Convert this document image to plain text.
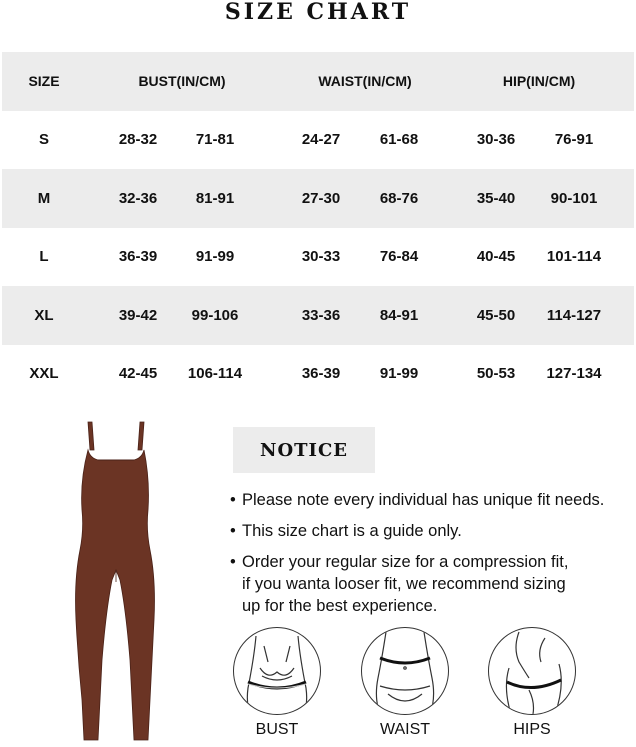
SIZE CHART
SIZE	BUST(IN/CM)	WAIST(IN/CM)	HIP(IN/CM)
S	28-32	71-81	24-27	61-68	30-36	76-91
M	32-36	81-91	27-30	68-76	35-40 90-101
L	36-39	91-99	30-33	76-84	40-45 101-114
XL	39-42 99-106	33-36	84-91	45-50 114-127
XXL	42-45 106-114	36-39	91-99	50-53 127-134
NOTICE
• Please note every individual has unique fit needs.
• This size chart is a guide only.
• Order your regular size for a compression fit,
if you wanta looser fit, we recommend sizing
up for the best experience.
BUST	WAIST	HIPS
